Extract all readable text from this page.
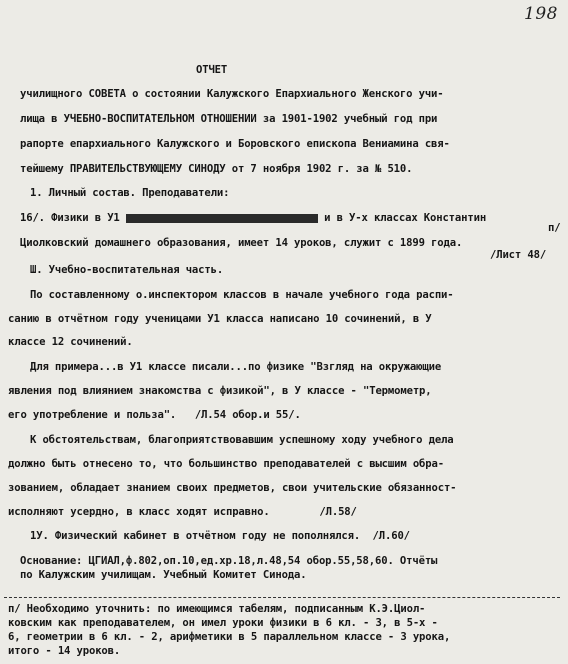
198
ОТЧЕТ
училищного СОВЕТА о состоянии Калужского Епархиального Женского учи-
лища в УЧЕБНО-ВОСПИТАТЕЛЬНОМ ОТНОШЕНИИ за 1901-1902 учебный год при
рапорте епархиального Калужского и Боровского епископа Вениамина свя-
тейшему ПРАВИТЕЛЬСТВУЮЩЕМУ СИНОДУ от 7 ноября 1902 г. за № 510.
1. Личный состав. Преподаватели:
16/. Физики в У1	и в У-х классах Константин
п/
Циолковский домашнего образования, имеет 14 уроков, служит с 1899 года.
/Лист 48/
Ш. Учебно-воспитательная часть.
По составленному о.инспектором классов в начале учебного года распи-
санию в отчётном году ученицами У1 класса написано 10 сочинений, в У
классе 12 сочинений.
Для примера...в У1 классе писали...по физике "Взгляд на окружающие
явления под влиянием знакомства с физикой", в У классе - "Термометр,
его употребление и польза".   /Л.54 обор.и 55/.
К обстоятельствам, благоприятствовавшим успешному ходу учебного дела
должно быть отнесено то, что большинство преподавателей с высшим обра-
зованием, обладает знанием своих предметов, свои учительские обязанност-
исполняют усердно, в класс ходят исправно.        /Л.58/
1У. Физический кабинет в отчётном году не пополнялся.  /Л.60/
Основание: ЦГИАЛ,ф.802,оп.10,ед.хр.18,л.48,54 обор.55,58,60. Отчёты
по Калужским училищам. Учебный Комитет Синода.
п/ Необходимо уточнить: по имеющимся табелям, подписанным К.Э.Циол-
ковским как преподавателем, он имел уроки физики в 6 кл. - 3, в 5-х -
6, геометрии в 6 кл. - 2, арифметики в 5 параллельном классе - 3 урока,
итого - 14 уроков.
